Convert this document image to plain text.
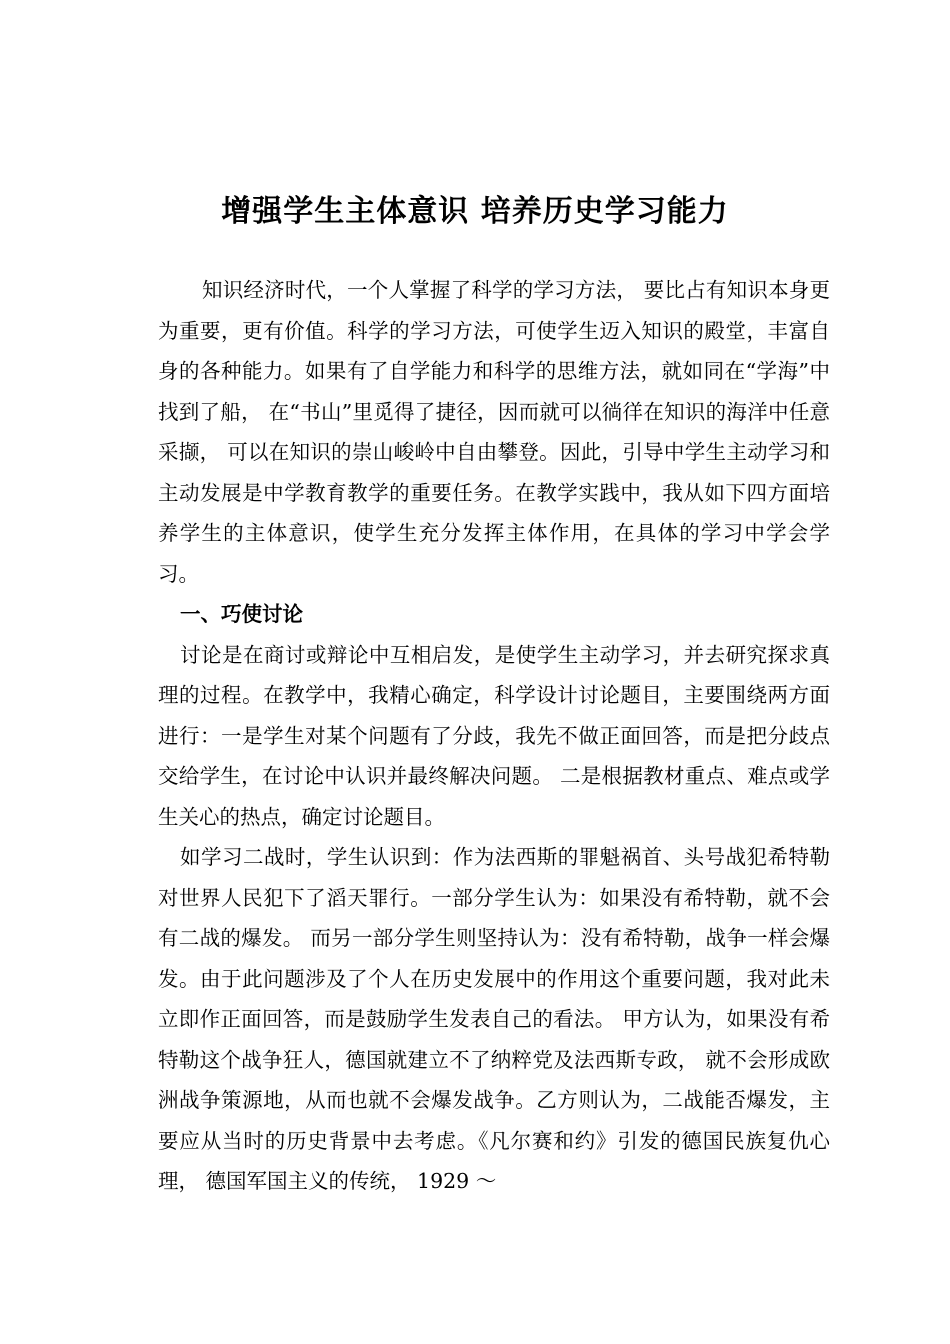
增强学生主体意识 培养历史学习能力

知识经济时代，一个人掌握了科学的学习方法， 要比占有知识本身更为重要，更有价值。科学的学习方法，可使学生迈入知识的殿堂，丰富自身的各种能力。如果有了自学能力和科学的思维方法，就如同在“学海”中找到了船， 在“书山”里觅得了捷径，因而就可以徜徉在知识的海洋中任意采撷， 可以在知识的崇山峻岭中自由攀登。因此，引导中学生主动学习和主动发展是中学教育教学的重要任务。在教学实践中，我从如下四方面培养学生的主体意识，使学生充分发挥主体作用，在具体的学习中学会学习。

一、巧使讨论

讨论是在商讨或辩论中互相启发，是使学生主动学习，并去研究探求真理的过程。在教学中，我精心确定，科学设计讨论题目，主要围绕两方面进行：一是学生对某个问题有了分歧，我先不做正面回答，而是把分歧点交给学生，在讨论中认识并最终解决问题。 二是根据教材重点、难点或学生关心的热点，确定讨论题目。

如学习二战时，学生认识到：作为法西斯的罪魁祸首、头号战犯希特勒对世界人民犯下了滔天罪行。一部分学生认为：如果没有希特勒，就不会有二战的爆发。 而另一部分学生则坚持认为：没有希特勒，战争一样会爆发。由于此问题涉及了个人在历史发展中的作用这个重要问题，我对此未立即作正面回答，而是鼓励学生发表自己的看法。 甲方认为，如果没有希特勒这个战争狂人，德国就建立不了纳粹党及法西斯专政， 就不会形成欧洲战争策源地，从而也就不会爆发战争。乙方则认为，二战能否爆发，主要应从当时的历史背景中去考虑。《凡尔赛和约》引发的德国民族复仇心理， 德国军国主义的传统， 1929 ～
